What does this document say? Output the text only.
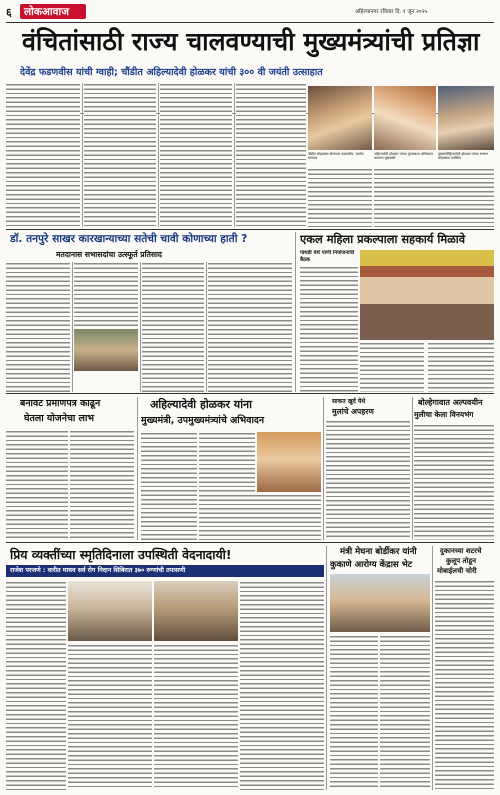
६ लोकआवाज	अहिल्यानगर रविवार दि. १ जून २०२५
वंचितांसाठी राज्य चालवण्याची मुख्यमंत्र्यांची प्रतिज्ञा
देवेंद्र फडणवीस यांची ग्वाही; चौंडीत अहिल्यादेवी होळकर यांची ३०० वी जयंती उत्साहात
चौंडीत सोहळ्यात बोलताना फडणवीस. समवेत मान्यवर
अहिल्यादेवी होळकर यांच्या पुतळ्याला अभिवादन करताना मुख्यमंत्री
मुख्यमंत्रीहिल्यादेवी होळकर यांच्या सन्मान सोहळ्यात उपस्थित
डॉ. तनपुरे साखर कारखान्याच्या सतेची चावी कोणाच्या हाती ?
मतदानास सभासदांचा उत्स्फूर्त प्रतिसाद
एकल महिला प्रकल्पाला सहकार्य मिळावे
पाथर्डी येथे पाणी नियोजनाची बैठक
बनावट प्रमाणपत्र काढून
घेतला योजनेचा लाभ
अहिल्यादेवी होळकर यांना
मुख्यमंत्री, उपमुख्यमंत्र्यांचे अभिवादन
साकत खुर्द येथे
मुलांचे अपहरण
बोल्हेगावात अल्पवयीन
मुलीचा केला विनयभंग
प्रिय व्यक्तींच्या स्मृतिदिनाला उपस्थिती वेदनादायी!
राजेश परजणे : वारीत माधव सर्व रोग निदान शिबिरात ३७० रुग्णांची तपासणी
मंत्री मेघना बोर्डीकर यांनी
कुकाणे आरोग्य केंद्रास भेट
दुकानच्या शटरचे
कुलूप तोडून
मोबाईलची चोरी
